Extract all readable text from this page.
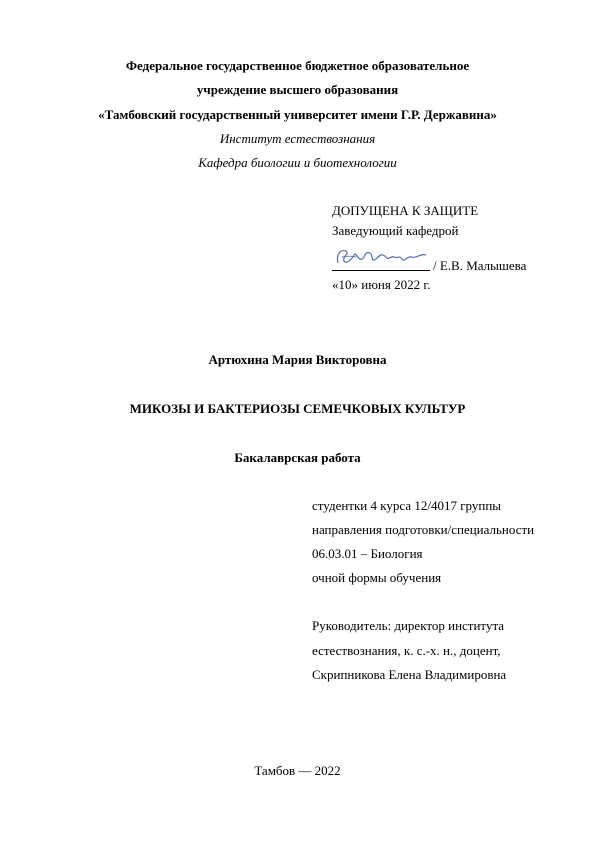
Федеральное государственное бюджетное образовательное
учреждение высшего образования
«Тамбовский государственный университет имени Г.Р. Державина»
Институт естествознания
Кафедра биологии и биотехнологии
ДОПУЩЕНА К ЗАЩИТЕ
Заведующий кафедрой
/ Е.В. Малышева
«10» июня 2022 г.
Артюхина Мария Викторовна
МИКОЗЫ И БАКТЕРИОЗЫ СЕМЕЧКОВЫХ КУЛЬТУР
Бакалаврская работа
студентки 4 курса 12/4017 группы
направления подготовки/специальности
06.03.01 – Биология
очной формы обучения
Руководитель: директор института
естествознания, к. с.-х. н., доцент,
Скрипникова Елена Владимировна
Тамбов — 2022
